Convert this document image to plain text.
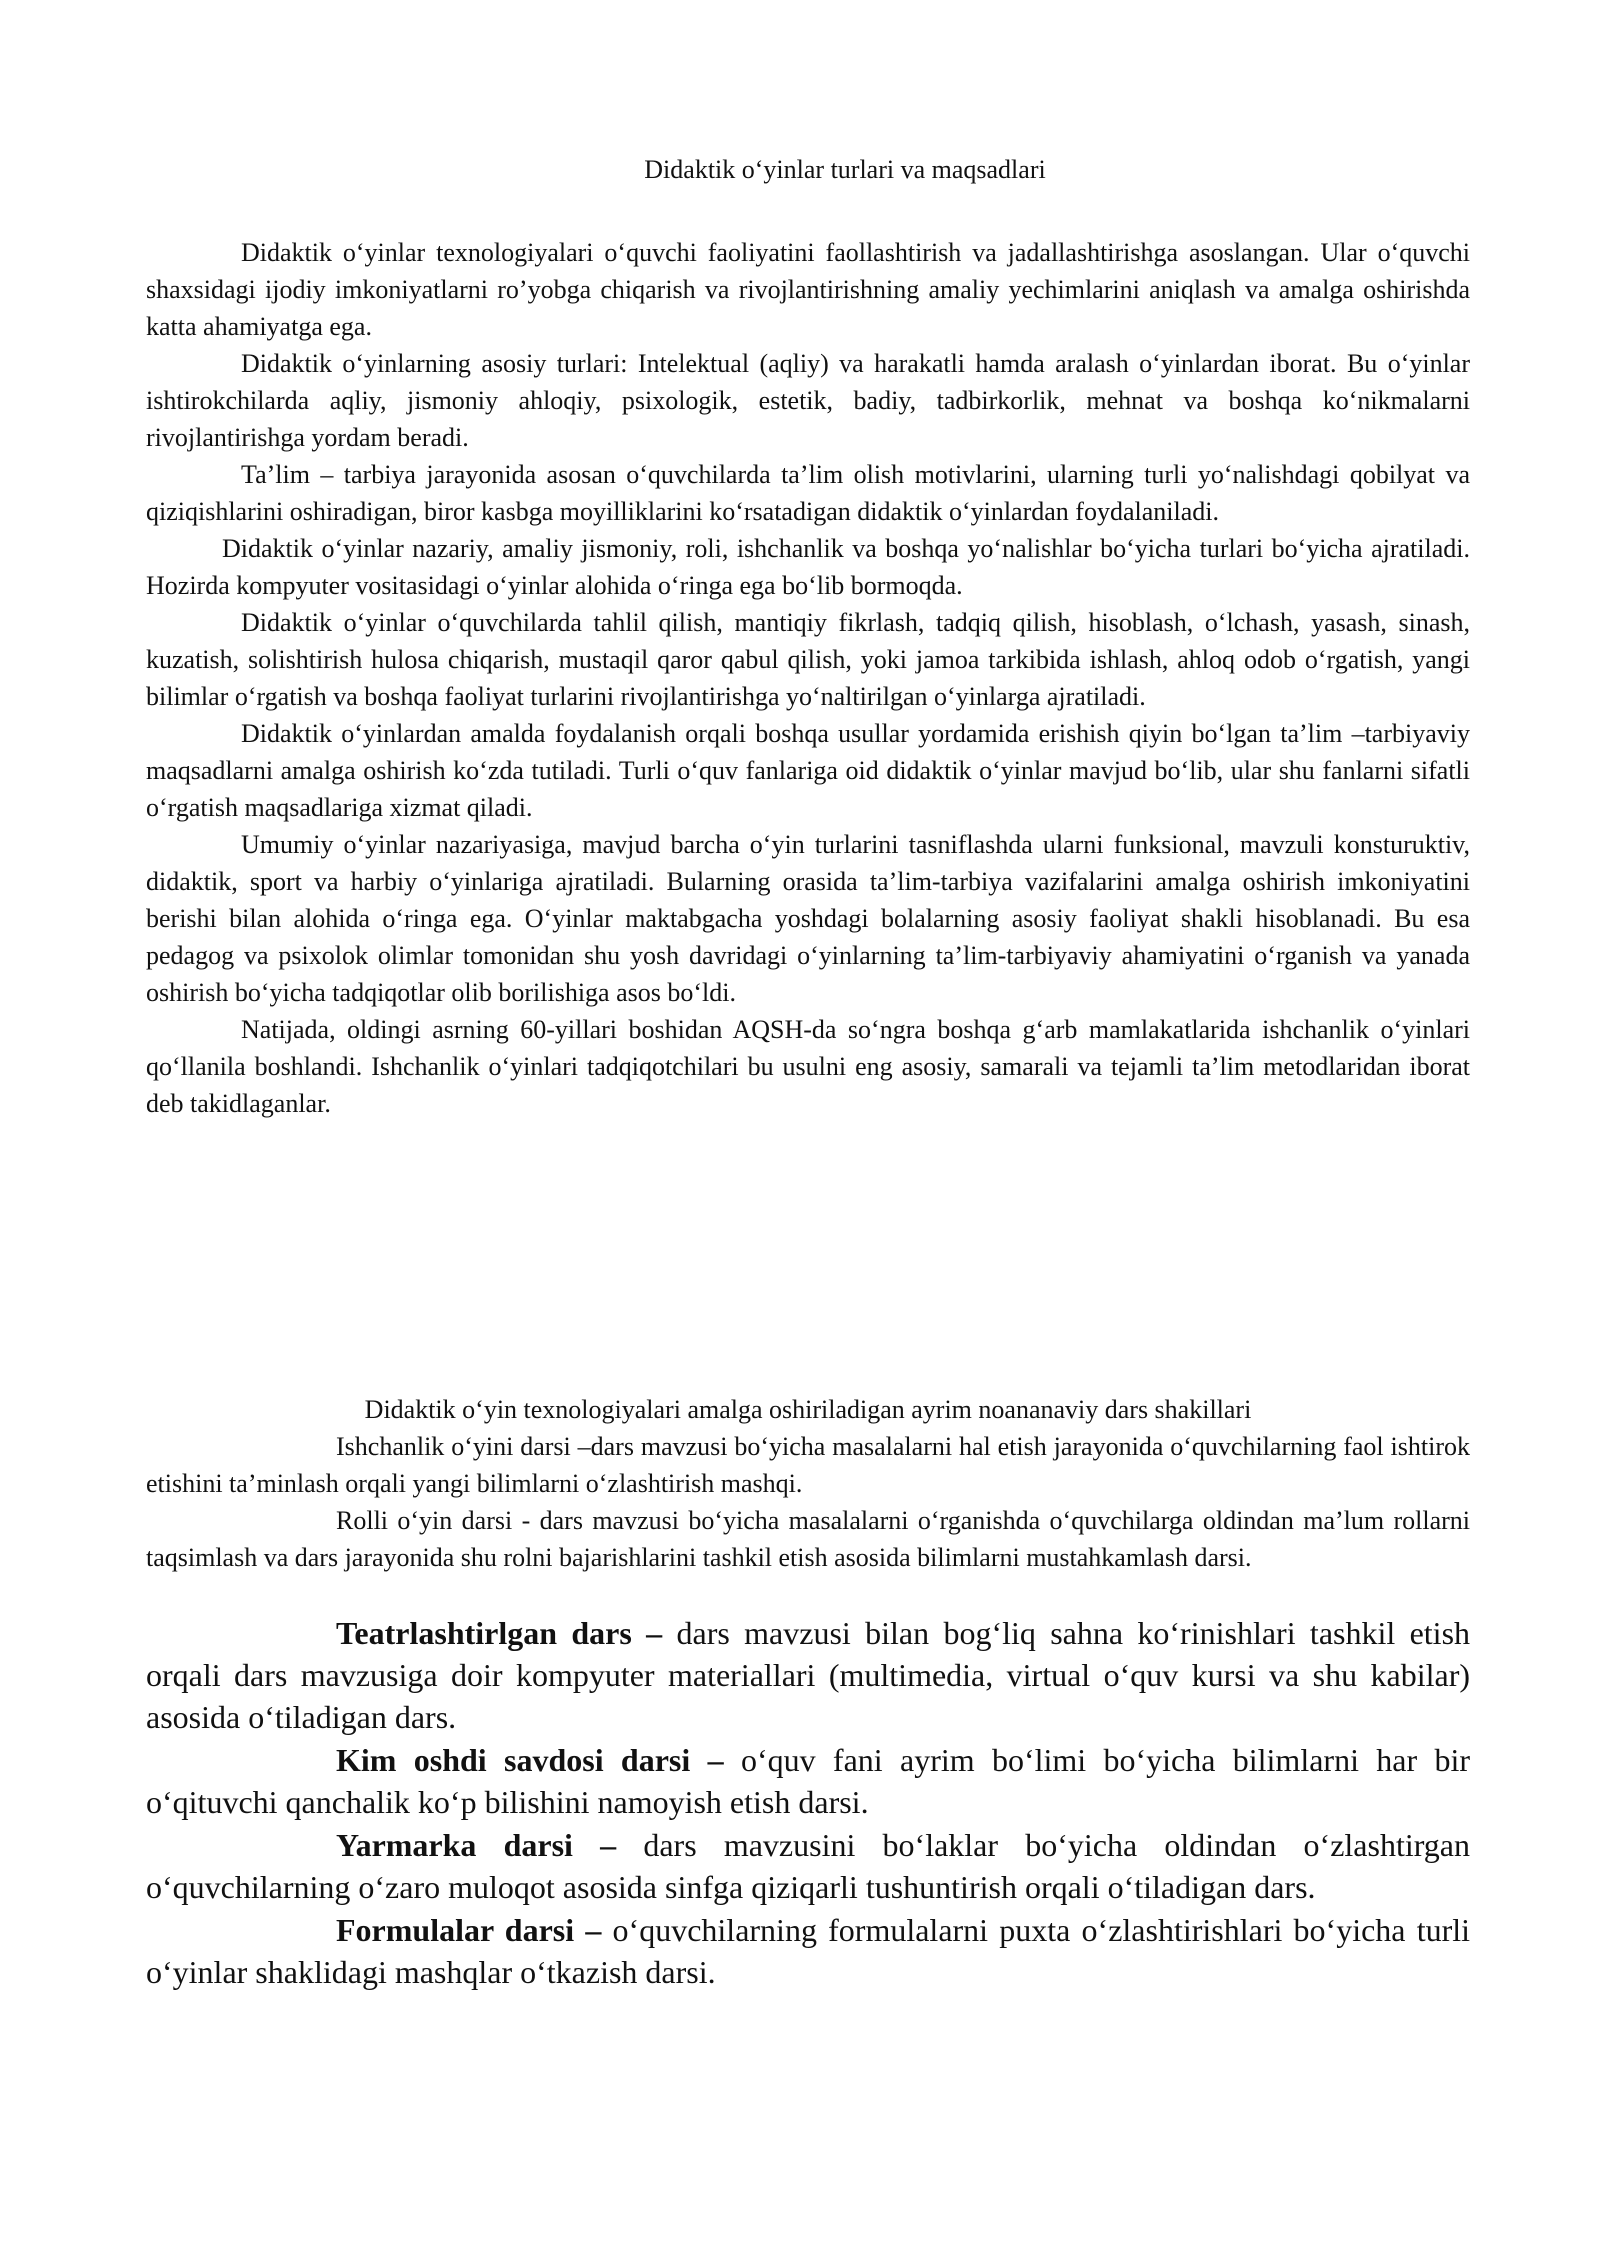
Didaktik o‘yinlar turlari va maqsadlari

Didaktik o‘yinlar texnologiyalari o‘quvchi faoliyatini faollashtirish va jadallashtirishga asoslangan. Ular o‘quvchi shaxsidagi ijodiy imkoniyatlarni ro’yobga chiqarish va rivojlantirishning amaliy yechimlarini aniqlash va amalga oshirishda katta ahamiyatga ega.

Didaktik o‘yinlarning asosiy turlari: Intelektual (aqliy) va harakatli hamda aralash o‘yinlardan iborat. Bu o‘yinlar ishtirokchilarda aqliy, jismoniy ahloqiy, psixologik, estetik, badiy, tadbirkorlik, mehnat va boshqa ko‘nikmalarni rivojlantirishga yordam beradi.

Ta’lim – tarbiya jarayonida asosan o‘quvchilarda ta’lim olish motivlarini, ularning turli yo‘nalishdagi qobilyat va qiziqishlarini oshiradigan, biror kasbga moyilliklarini ko‘rsatadigan didaktik o‘yinlardan foydalaniladi.

Didaktik o‘yinlar nazariy, amaliy jismoniy, roli, ishchanlik va boshqa yo‘nalishlar bo‘yicha turlari bo‘yicha ajratiladi. Hozirda kompyuter vositasidagi o‘yinlar alohida o‘ringa ega bo‘lib bormoqda.

Didaktik o‘yinlar o‘quvchilarda tahlil qilish, mantiqiy fikrlash, tadqiq qilish, hisoblash, o‘lchash, yasash, sinash, kuzatish, solishtirish hulosa chiqarish, mustaqil qaror qabul qilish, yoki jamoa tarkibida ishlash, ahloq odob o‘rgatish, yangi bilimlar o‘rgatish va boshqa faoliyat turlarini rivojlantirishga yo‘naltirilgan o‘yinlarga ajratiladi.

Didaktik o‘yinlardan amalda foydalanish orqali boshqa usullar yordamida erishish qiyin bo‘lgan ta’lim –tarbiyaviy maqsadlarni amalga oshirish ko‘zda tutiladi. Turli o‘quv fanlariga oid didaktik o‘yinlar mavjud bo‘lib, ular shu fanlarni sifatli o‘rgatish maqsadlariga xizmat qiladi.

Umumiy o‘yinlar nazariyasiga, mavjud barcha o‘yin turlarini tasniflashda ularni funksional, mavzuli konsturuktiv, didaktik, sport va harbiy o‘yinlariga ajratiladi. Bularning orasida ta’lim-tarbiya vazifalarini amalga oshirish imkoniyatini berishi bilan alohida o‘ringa ega. O‘yinlar maktabgacha yoshdagi bolalarning asosiy faoliyat shakli hisoblanadi. Bu esa pedagog va psixolok olimlar tomonidan shu yosh davridagi o‘yinlarning ta’lim-tarbiyaviy ahamiyatini o‘rganish va yanada oshirish bo‘yicha tadqiqotlar olib borilishiga asos bo‘ldi.

Natijada, oldingi asrning 60-yillari boshidan AQSH-da so‘ngra boshqa g‘arb mamlakatlarida ishchanlik o‘yinlari qo‘llanila boshlandi. Ishchanlik o‘yinlari tadqiqotchilari bu usulni eng asosiy, samarali va tejamli ta’lim metodlaridan iborat deb takidlaganlar.

Didaktik o‘yin texnologiyalari amalga oshiriladigan ayrim noananaviy dars shakillari

Ishchanlik o‘yini darsi –dars mavzusi bo‘yicha masalalarni hal etish jarayonida o‘quvchilarning faol ishtirok etishini ta’minlash orqali yangi bilimlarni o‘zlashtirish mashqi.

Rolli o‘yin darsi - dars mavzusi bo‘yicha masalalarni o‘rganishda o‘quvchilarga oldindan ma’lum rollarni taqsimlash va dars jarayonida shu rolni bajarishlarini tashkil etish asosida bilimlarni mustahkamlash darsi.

Teatrlashtirlgan dars – dars mavzusi bilan bog‘liq sahna ko‘rinishlari tashkil etish orqali dars mavzusiga doir kompyuter materiallari (multimedia, virtual o‘quv kursi va shu kabilar) asosida o‘tiladigan dars.

Kim oshdi savdosi darsi – o‘quv fani ayrim bo‘limi bo‘yicha bilimlarni har bir o‘qituvchi qanchalik ko‘p bilishini namoyish etish darsi.

Yarmarka darsi – dars mavzusini bo‘laklar bo‘yicha oldindan o‘zlashtirgan o‘quvchilarning o‘zaro muloqot asosida sinfga qiziqarli tushuntirish orqali o‘tiladigan dars.

Formulalar darsi – o‘quvchilarning formulalarni puxta o‘zlashtirishlari bo‘yicha turli o‘yinlar shaklidagi mashqlar o‘tkazish darsi.
